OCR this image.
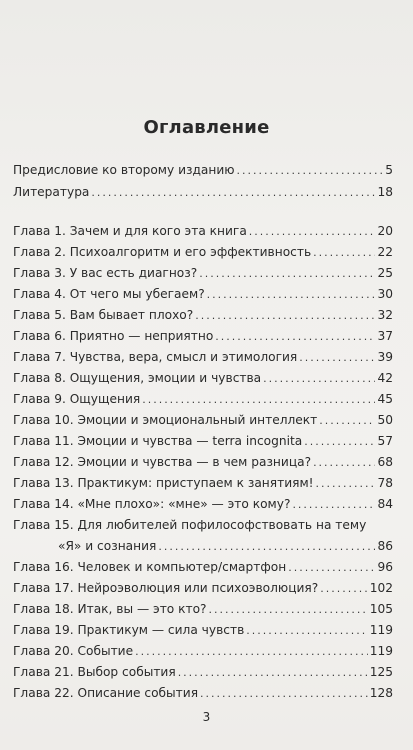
Оглавление
Предисловие ко второму изданию .....	5
Литература .....	18
Глава 1. Зачем и для кого эта книга .....	20
Глава 2. Психоалгоритм и его эффективность .....	22
Глава 3. У вас есть диагноз? .....	25
Глава 4. От чего мы убегаем? .....	30
Глава 5. Вам бывает плохо? .....	32
Глава 6. Приятно — неприятно .....	37
Глава 7. Чувства, вера, смысл и этимология .....	39
Глава 8. Ощущения, эмоции и чувства .....	42
Глава 9. Ощущения .....	45
Глава 10. Эмоции и эмоциональный интеллект .....	50
Глава 11. Эмоции и чувства — terra incognita .....	57
Глава 12. Эмоции и чувства — в чем разница? .....	68
Глава 13. Практикум: приступаем к занятиям! .....	78
Глава 14. «Мне плохо»: «мне» — это кому? .....	84
Глава 15. Для любителей пофилософствовать на тему
«Я» и сознания .....	86
Глава 16. Человек и компьютер/смартфон .....	96
Глава 17. Нейроэволюция или психоэволюция? .....	102
Глава 18. Итак, вы — это кто? .....	105
Глава 19. Практикум — сила чувств .....	119
Глава 20. Событие .....	119
Глава 21. Выбор события .....	125
Глава 22. Описание события .....	128
3
